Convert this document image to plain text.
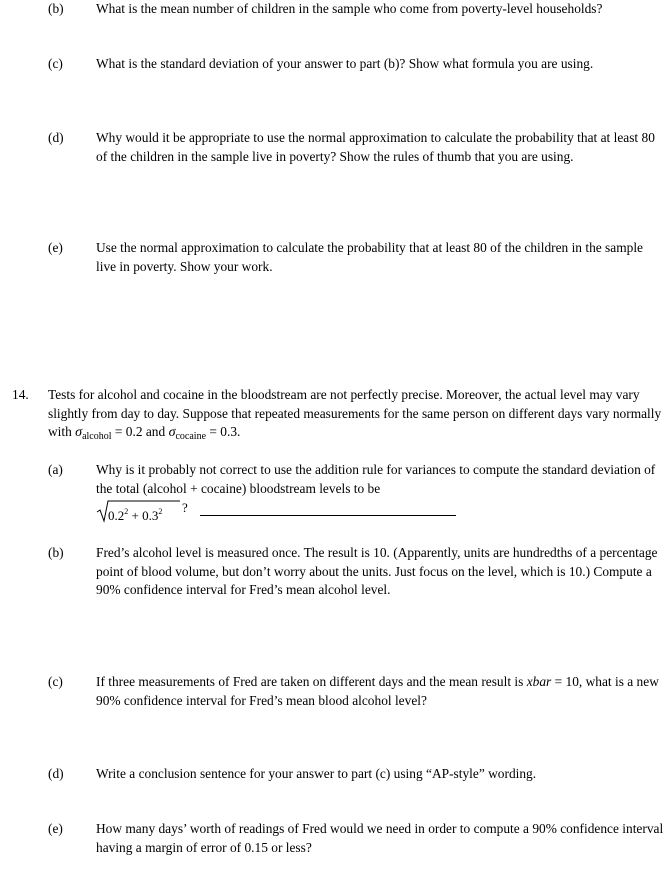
(b) What is the mean number of children in the sample who come from poverty-level households?
(c) What is the standard deviation of your answer to part (b)? Show what formula you are using.
(d) Why would it be appropriate to use the normal approximation to calculate the probability that at least 80 of the children in the sample live in poverty? Show the rules of thumb that you are using.
(e) Use the normal approximation to calculate the probability that at least 80 of the children in the sample live in poverty. Show your work.
14. Tests for alcohol and cocaine in the bloodstream are not perfectly precise. Moreover, the actual level may vary slightly from day to day. Suppose that repeated measurements for the same person on different days vary normally with $\sigma_{alcohol} = 0.2$ and $\sigma_{cocaine} = 0.3$.
(a) Why is it probably not correct to use the addition rule for variances to compute the standard deviation of the total (alcohol + cocaine) bloodstream levels to be
$0.2^2 + 0.3^2$ ?
(b) Fred’s alcohol level is measured once. The result is 10. (Apparently, units are hundredths of a percentage point of blood volume, but don’t worry about the units. Just focus on the level, which is 10.) Compute a 90% confidence interval for Fred’s mean alcohol level.
(c) If three measurements of Fred are taken on different days and the mean result is xbar = 10, what is a new 90% confidence interval for Fred’s mean blood alcohol level?
(d) Write a conclusion sentence for your answer to part (c) using “AP-style” wording.
(e) How many days’ worth of readings of Fred would we need in order to compute a 90% confidence interval having a margin of error of 0.15 or less?
